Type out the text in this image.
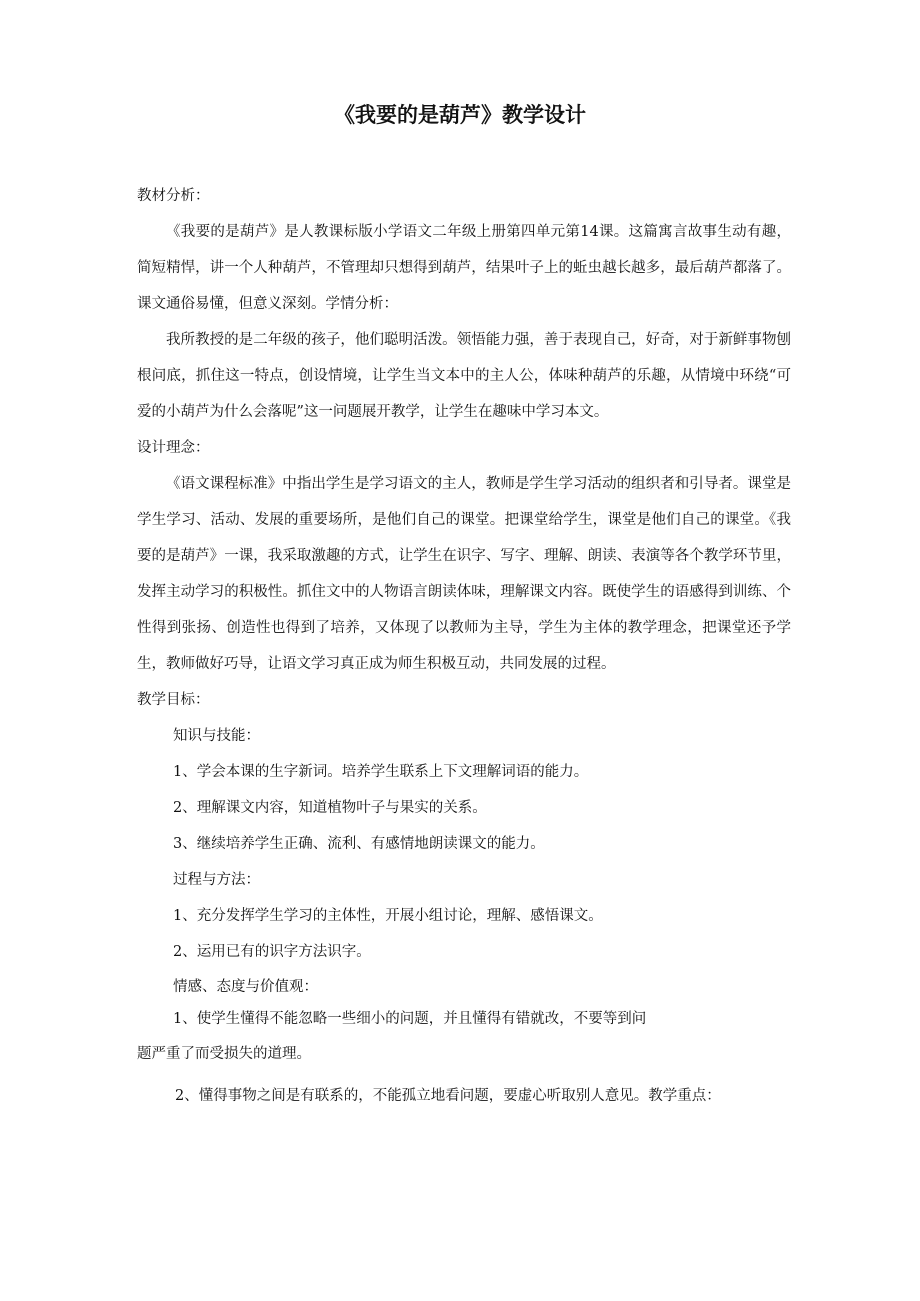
《我要的是葫芦》教学设计

教材分析：

《我要的是葫芦》是人教课标版小学语文二年级上册第四单元第14课。这篇寓言故事生动有趣，简短精悍，讲一个人种葫芦，不管理却只想得到葫芦，结果叶子上的蚯虫越长越多，最后葫芦都落了。课文通俗易懂，但意义深刻。学情分析：

我所教授的是二年级的孩子，他们聪明活泼。领悟能力强，善于表现自己，好奇，对于新鲜事物刨根问底，抓住这一特点，创设情境，让学生当文本中的主人公，体味种葫芦的乐趣，从情境中环绕“可爱的小葫芦为什么会落呢”这一问题展开教学，让学生在趣味中学习本文。

设计理念：

《语文课程标准》中指出学生是学习语文的主人，教师是学生学习活动的组织者和引导者。课堂是学生学习、活动、发展的重要场所，是他们自己的课堂。把课堂给学生，课堂是他们自己的课堂。《我要的是葫芦》一课，我采取激趣的方式，让学生在识字、写字、理解、朗读、表演等各个教学环节里，发挥主动学习的积极性。抓住文中的人物语言朗读体味，理解课文内容。既使学生的语感得到训练、个性得到张扬、创造性也得到了培养，又体现了以教师为主导，学生为主体的教学理念，把课堂还予学生，教师做好巧导，让语文学习真正成为师生积极互动，共同发展的过程。

教学目标：

知识与技能：

1、学会本课的生字新词。培养学生联系上下文理解词语的能力。

2、理解课文内容，知道植物叶子与果实的关系。

3、继续培养学生正确、流利、有感情地朗读课文的能力。

过程与方法：

1、充分发挥学生学习的主体性，开展小组讨论，理解、感悟课文。

2、运用已有的识字方法识字。

情感、态度与价值观：

1、使学生懂得不能忽略一些细小的问题，并且懂得有错就改，不要等到问

题严重了而受损失的道理。

2、懂得事物之间是有联系的，不能孤立地看问题，要虚心听取别人意见。教学重点：
